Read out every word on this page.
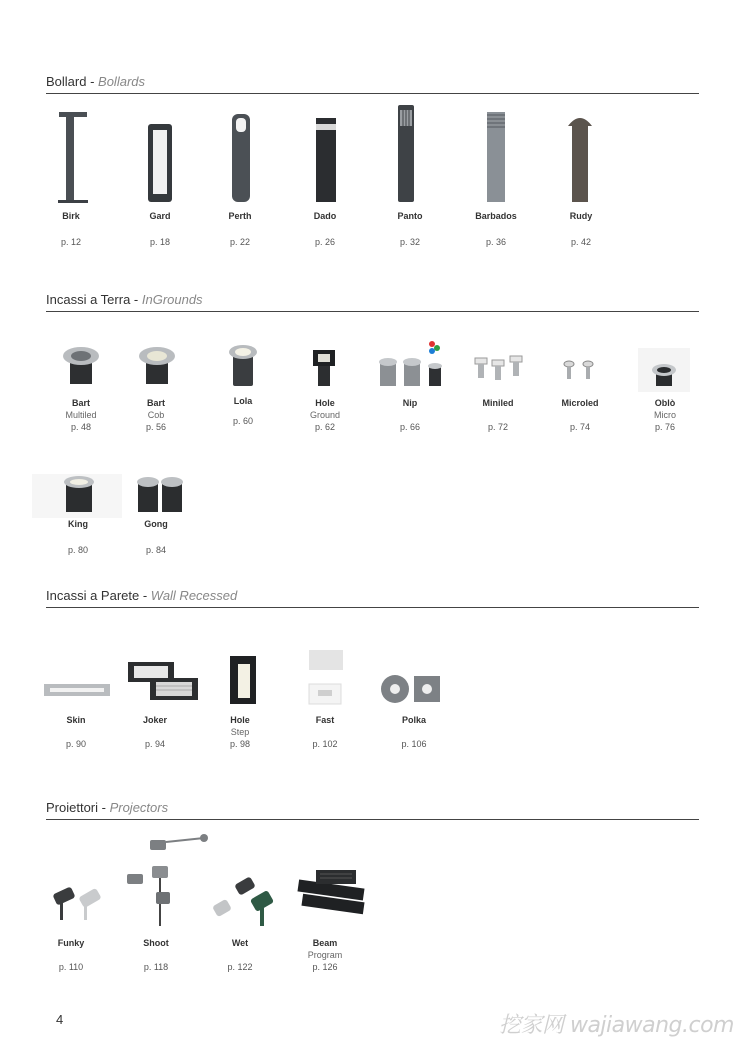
Bollard - Bollards
Birk
p. 12
Gard
p. 18
Perth
p. 22
Dado
p. 26
Panto
p. 32
Barbados
p. 36
Rudy
p. 42
Incassi a Terra - InGrounds
Bart
Multiled
p. 48
Bart
Cob
p. 56
Lola
p. 60
Hole
Ground
p. 62
Nip
p. 66
Miniled
p. 72
Microled
p. 74
Oblò
Micro
p. 76
King
p. 80
Gong
p. 84
Incassi a Parete - Wall Recessed
Skin
p. 90
Joker
p. 94
Hole
Step
p. 98
Fast
p. 102
Polka
p. 106
Proiettori - Projectors
Funky
p. 110
Shoot
p. 118
Wet
p. 122
Beam
Program
p. 126
4	挖家网 wajiawang.com
